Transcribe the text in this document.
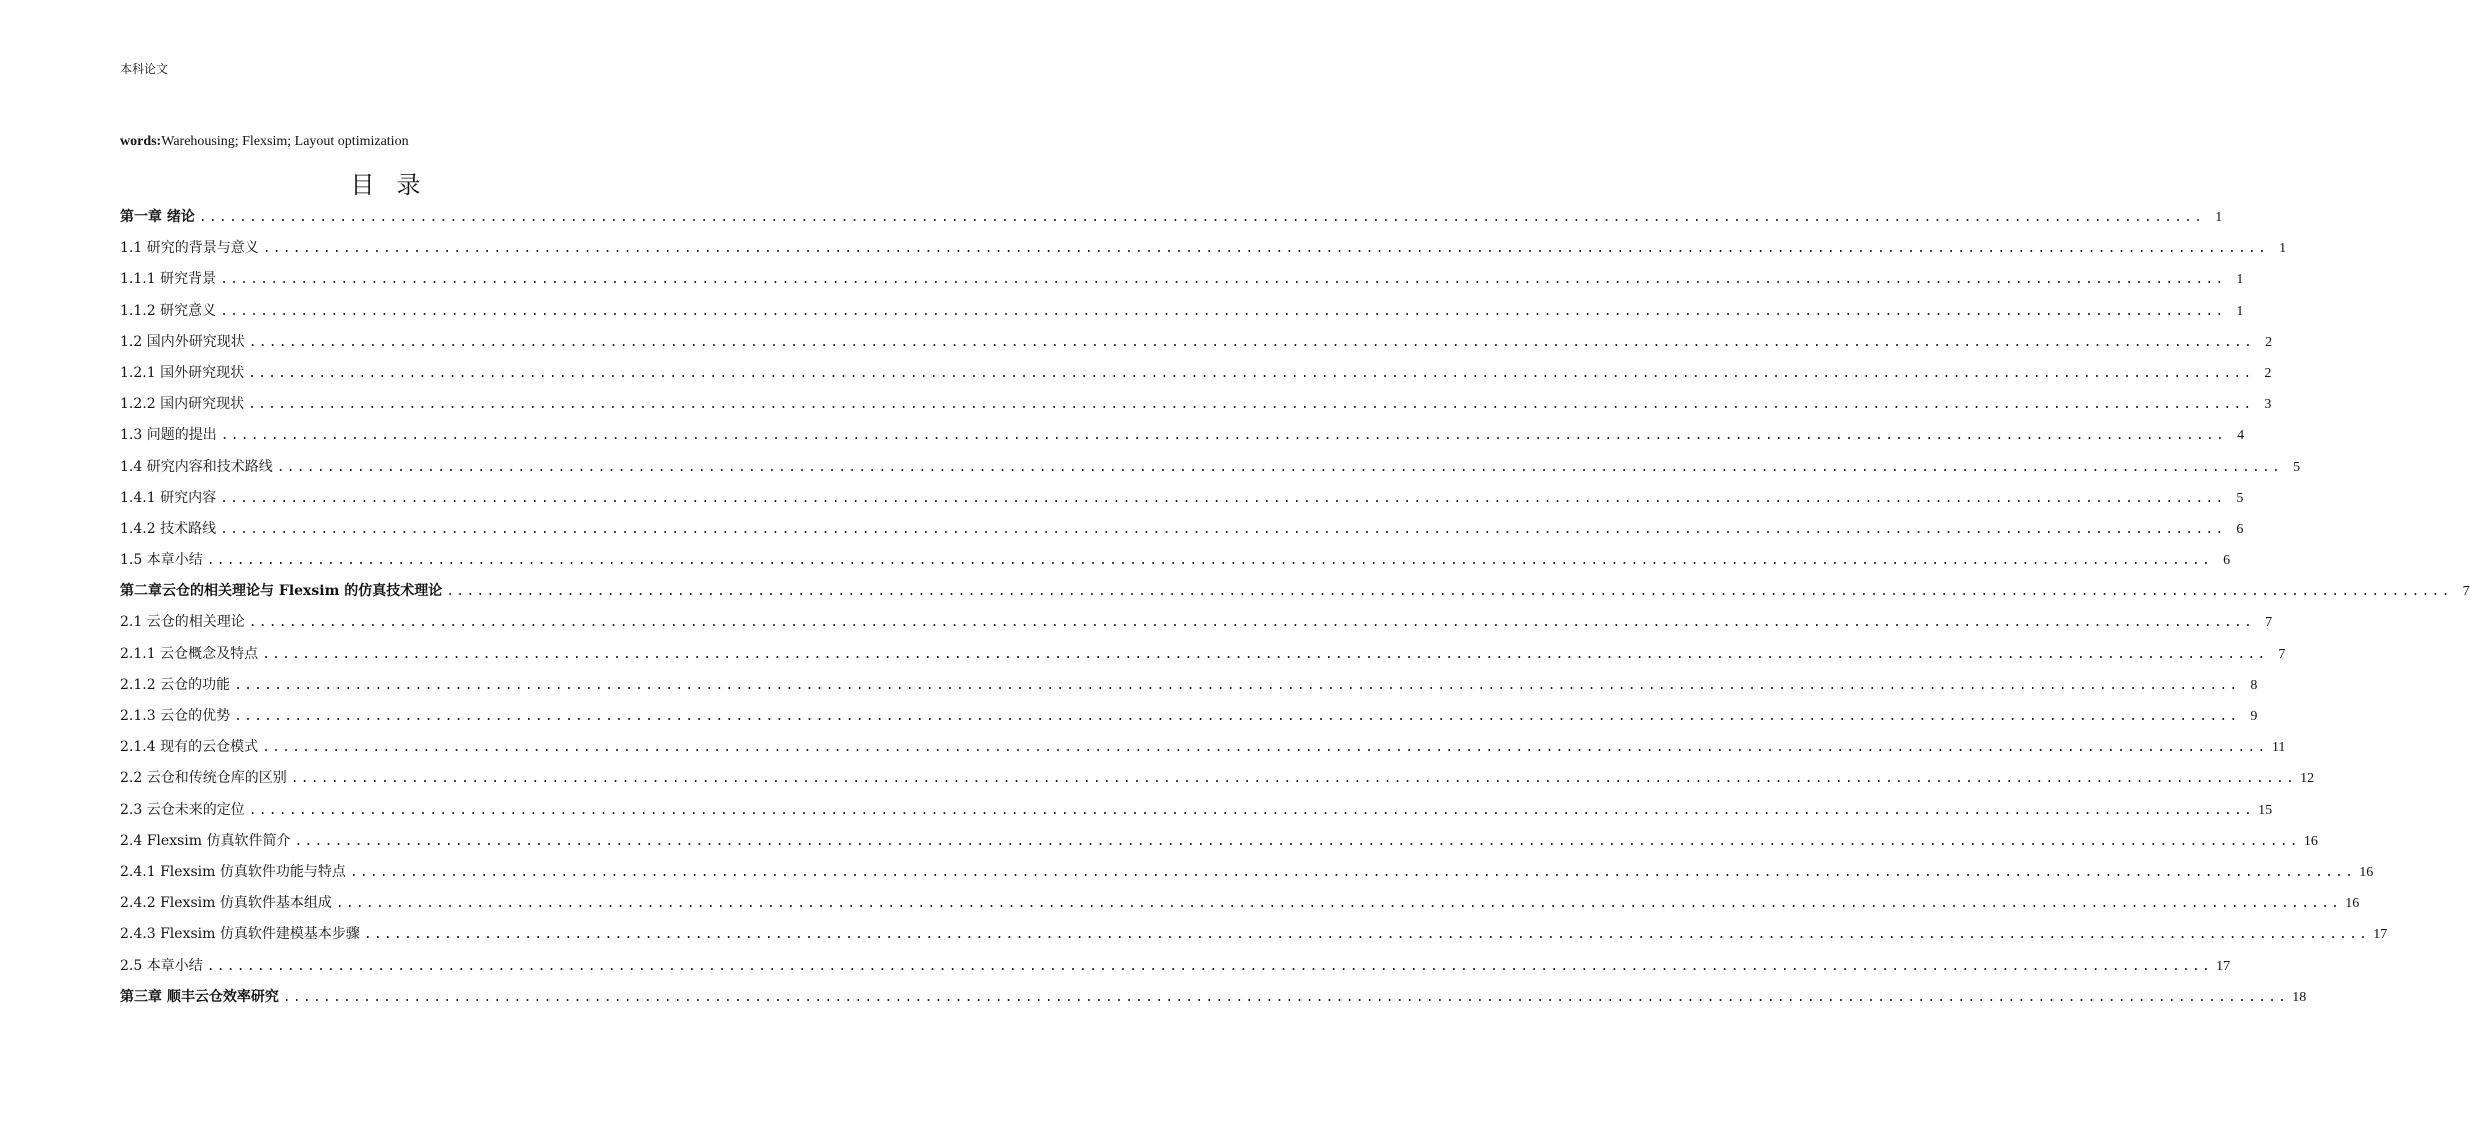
本科论文
words:Warehousing; Flexsim; Layout optimization
目录
第一章 绪论 ........................................................................................................................................................................................................ 1
1.1 研究的背景与意义 ........................................................................................................................................................................................................ 1
1.1.1 研究背景 ........................................................................................................................................................................................................ 1
1.1.2 研究意义 ........................................................................................................................................................................................................ 1
1.2 国内外研究现状 ........................................................................................................................................................................................................ 2
1.2.1 国外研究现状 ........................................................................................................................................................................................................ 2
1.2.2 国内研究现状 ........................................................................................................................................................................................................ 3
1.3 问题的提出 ........................................................................................................................................................................................................ 4
1.4 研究内容和技术路线 ........................................................................................................................................................................................................ 5
1.4.1 研究内容 ........................................................................................................................................................................................................ 5
1.4.2 技术路线 ........................................................................................................................................................................................................ 6
1.5 本章小结 ........................................................................................................................................................................................................ 6
第二章云仓的相关理论与 Flexsim 的仿真技术理论 ........................................................................................................................................................................................................ 7
2.1 云仓的相关理论 ........................................................................................................................................................................................................ 7
2.1.1 云仓概念及特点 ........................................................................................................................................................................................................ 7
2.1.2 云仓的功能 ........................................................................................................................................................................................................ 8
2.1.3 云仓的优势 ........................................................................................................................................................................................................ 9
2.1.4 现有的云仓模式 ........................................................................................................................................................................................................ 11
2.2 云仓和传统仓库的区别 ........................................................................................................................................................................................................ 12
2.3 云仓未来的定位 ........................................................................................................................................................................................................ 15
2.4 Flexsim 仿真软件简介 ........................................................................................................................................................................................................ 16
2.4.1 Flexsim 仿真软件功能与特点 ........................................................................................................................................................................................................ 16
2.4.2 Flexsim 仿真软件基本组成 ........................................................................................................................................................................................................ 16
2.4.3 Flexsim 仿真软件建模基本步骤 ........................................................................................................................................................................................................ 17
2.5 本章小结 ........................................................................................................................................................................................................ 17
第三章 顺丰云仓效率研究 ........................................................................................................................................................................................................ 18
